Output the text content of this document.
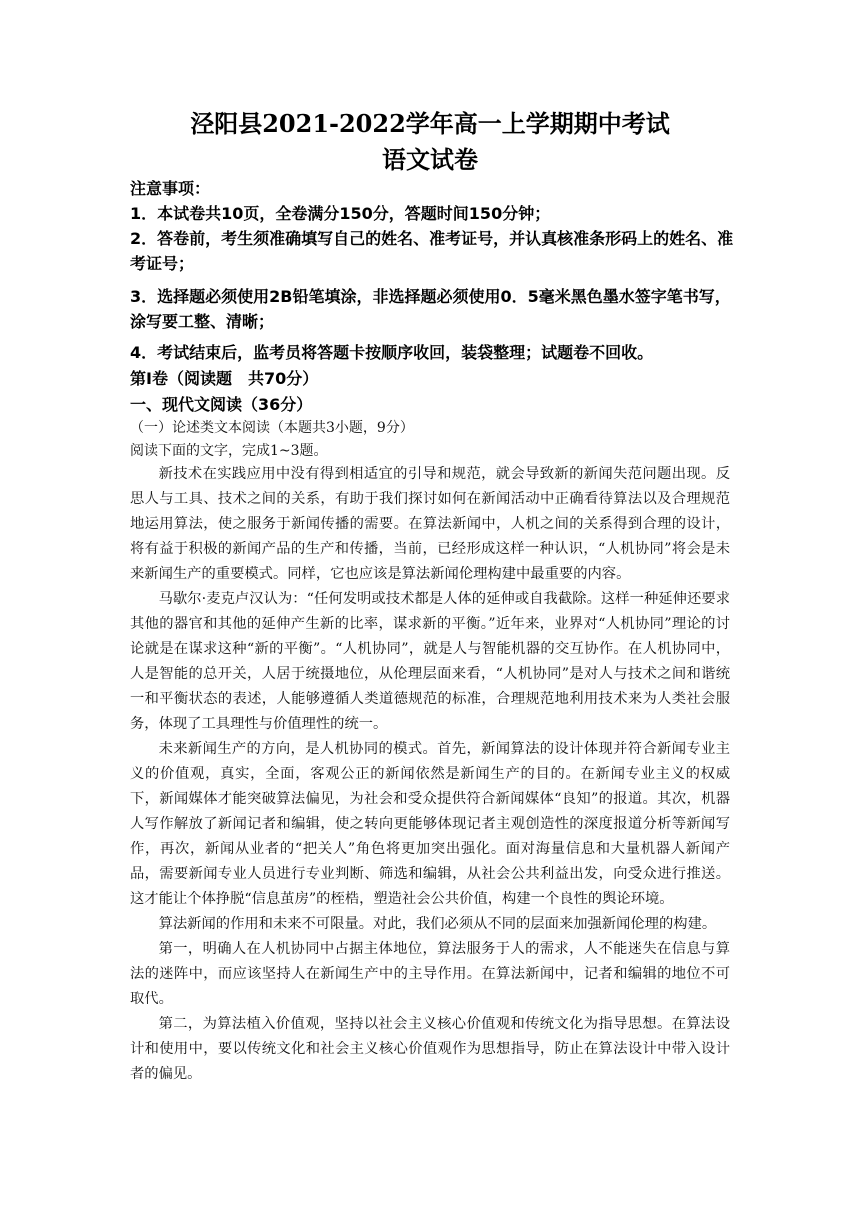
泾阳县2021-2022学年高一上学期期中考试
语文试卷
注意事项：
1．本试卷共10页，全卷满分150分，答题时间150分钟；
2．答卷前，考生须准确填写自己的姓名、准考证号，并认真核准条形码上的姓名、准考证号；
3．选择题必须使用2B铅笔填涂，非选择题必须使用0．5毫米黑色墨水签字笔书写，涂写要工整、清晰；
4．考试结束后，监考员将答题卡按顺序收回，装袋整理；试题卷不回收。
第Ⅰ卷（阅读题　共70分）
一、现代文阅读（36分）
（一）论述类文本阅读（本题共3小题，9分）
阅读下面的文字，完成1~3题。

新技术在实践应用中没有得到相适宜的引导和规范，就会导致新的新闻失范问题出现。反思人与工具、技术之间的关系，有助于我们探讨如何在新闻活动中正确看待算法以及合理规范地运用算法，使之服务于新闻传播的需要。在算法新闻中，人机之间的关系得到合理的设计，将有益于积极的新闻产品的生产和传播，当前，已经形成这样一种认识，“人机协同”将会是未来新闻生产的重要模式。同样，它也应该是算法新闻伦理构建中最重要的内容。

马歇尔·麦克卢汉认为：“任何发明或技术都是人体的延伸或自我截除。这样一种延伸还要求其他的器官和其他的延伸产生新的比率，谋求新的平衡。”近年来，业界对“人机协同”理论的讨论就是在谋求这种“新的平衡”。“人机协同”，就是人与智能机器的交互协作。在人机协同中，人是智能的总开关，人居于统摄地位，从伦理层面来看，“人机协同”是对人与技术之间和谐统一和平衡状态的表述，人能够遵循人类道德规范的标准，合理规范地利用技术来为人类社会服务，体现了工具理性与价值理性的统一。

未来新闻生产的方向，是人机协同的模式。首先，新闻算法的设计体现并符合新闻专业主义的价值观，真实，全面，客观公正的新闻依然是新闻生产的目的。在新闻专业主义的权威下，新闻媒体才能突破算法偏见，为社会和受众提供符合新闻媒体“良知”的报道。其次，机器人写作解放了新闻记者和编辑，使之转向更能够体现记者主观创造性的深度报道分析等新闻写作，再次，新闻从业者的“把关人”角色将更加突出强化。面对海量信息和大量机器人新闻产品，需要新闻专业人员进行专业判断、筛选和编辑，从社会公共利益出发，向受众进行推送。这才能让个体挣脱“信息茧房”的桎梏，塑造社会公共价值，构建一个良性的舆论环境。

算法新闻的作用和未来不可限量。对此，我们必须从不同的层面来加强新闻伦理的构建。

第一，明确人在人机协同中占据主体地位，算法服务于人的需求，人不能迷失在信息与算法的迷阵中，而应该坚持人在新闻生产中的主导作用。在算法新闻中，记者和编辑的地位不可取代。

第二，为算法植入价值观，坚持以社会主义核心价值观和传统文化为指导思想。在算法设计和使用中，要以传统文化和社会主义核心价值观作为思想指导，防止在算法设计中带入设计者的偏见。
